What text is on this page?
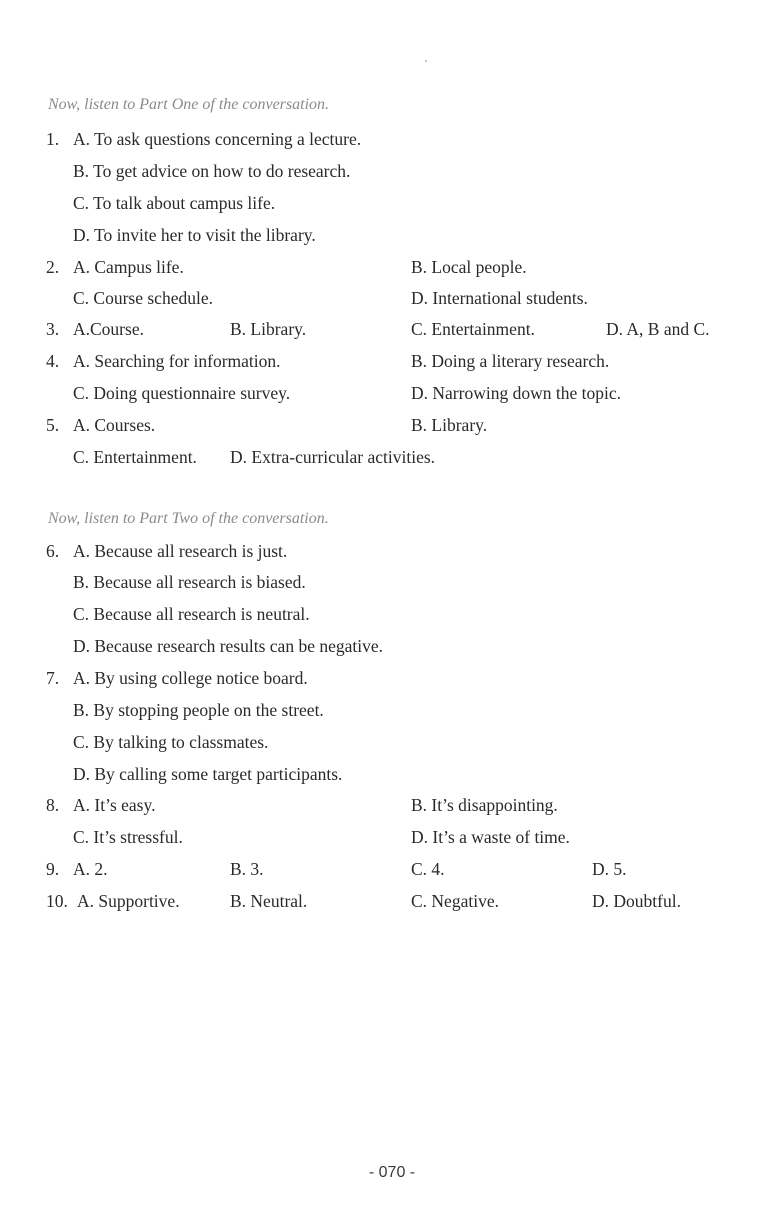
Now, listen to Part One of the conversation.
1. A. To ask questions concerning a lecture.
B. To get advice on how to do research.
C. To talk about campus life.
D. To invite her to visit the library.
2. A. Campus life.	B. Local people.
C. Course schedule.	D. International students.
3. A.Course.	B. Library.	C. Entertainment.	D. A, B and C.
4. A. Searching for information.	B. Doing a literary research.
C. Doing questionnaire survey.	D. Narrowing down the topic.
5. A. Courses.	B. Library.
C. Entertainment. D. Extra-curricular activities.
Now, listen to Part Two of the conversation.
6. A. Because all research is just.
B. Because all research is biased.
C. Because all research is neutral.
D. Because research results can be negative.
7. A. By using college notice board.
B. By stopping people on the street.
C. By talking to classmates.
D. By calling some target participants.
8. A. It’s easy.	B. It’s disappointing.
C. It’s stressful.	D. It’s a waste of time.
9. A. 2.	B. 3.	C. 4.	D. 5.
10. A. Supportive.	B. Neutral.	C. Negative.	D. Doubtful.
- 070 -
